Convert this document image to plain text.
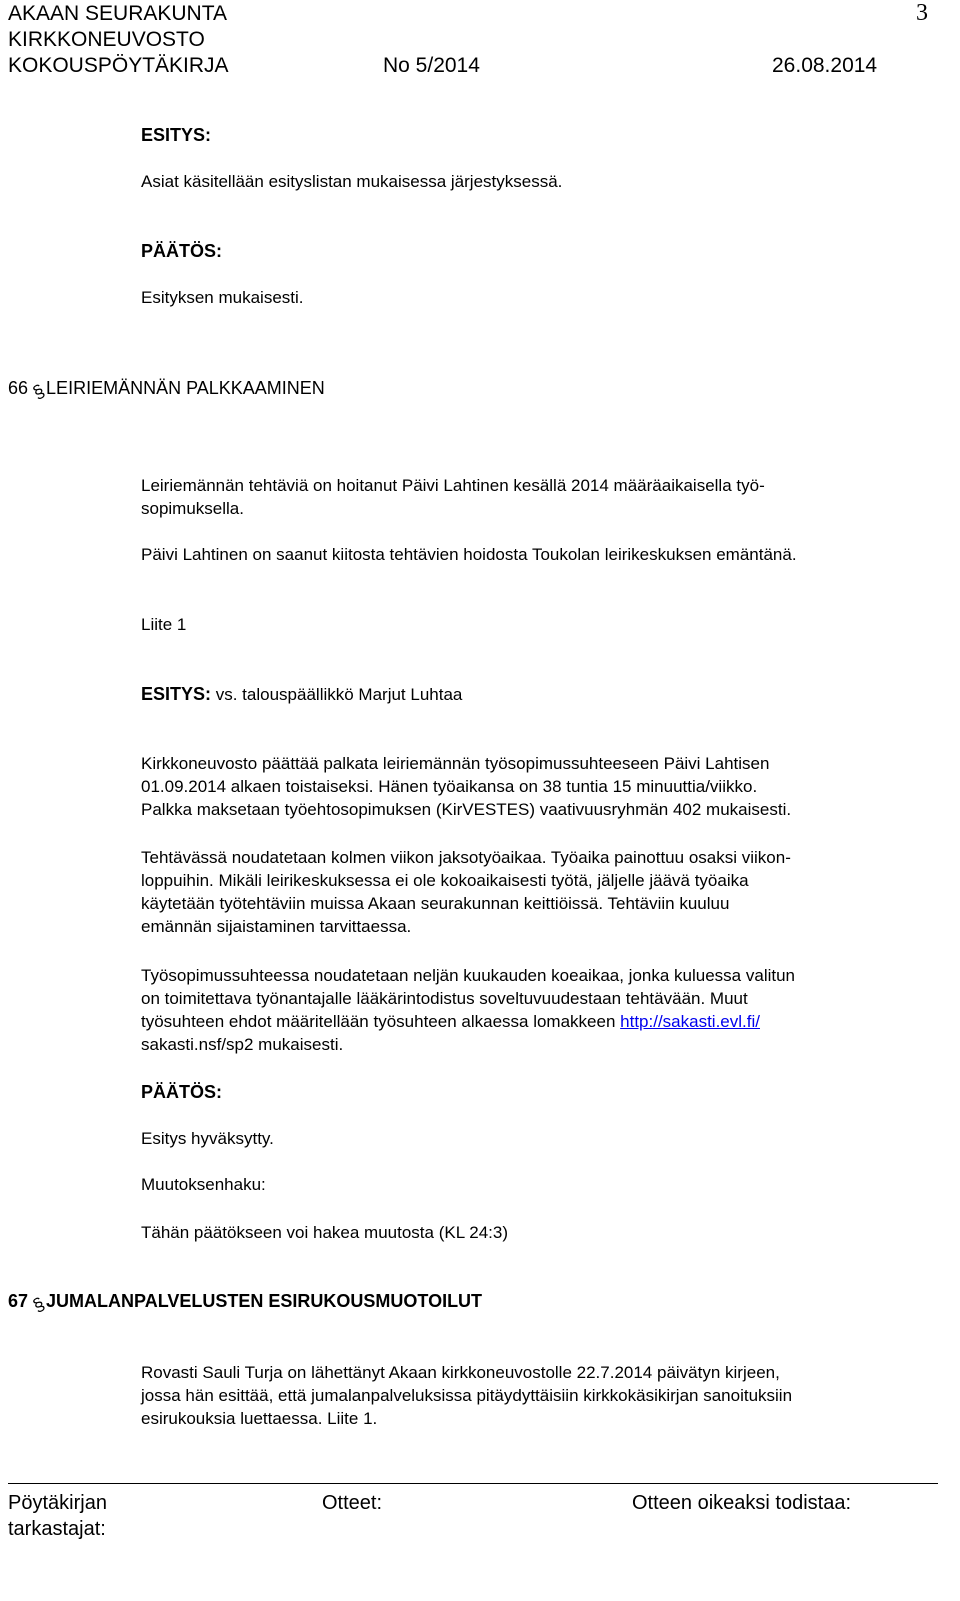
AKAAN SEURAKUNTA
KIRKKONEUVOSTO
KOKOUSPÖYTÄKIRJA	No 5/2014	26.08.2014
3
ESITYS:
Asiat käsitellään esityslistan mukaisessa järjestyksessä.
PÄÄTÖS:
Esityksen mukaisesti.
66§LEIRIEMÄNNÄN PALKKAAMINEN
Leiriemännän tehtäviä on hoitanut Päivi Lahtinen kesällä 2014 määräaikaisella työ-
sopimuksella.
Päivi Lahtinen on saanut kiitosta tehtävien hoidosta Toukolan leirikeskuksen emäntänä.
Liite 1
ESITYS: vs. talouspäällikkö Marjut Luhtaa
Kirkkoneuvosto päättää palkata leiriemännän työsopimussuhteeseen Päivi Lahtisen
01.09.2014 alkaen toistaiseksi. Hänen työaikansa on 38 tuntia 15 minuuttia/viikko.
Palkka maksetaan työehtosopimuksen (KirVESTES) vaativuusryhmän 402 mukaisesti.
Tehtävässä noudatetaan kolmen viikon jaksotyöaikaa. Työaika painottuu osaksi viikon-
loppuihin. Mikäli leirikeskuksessa ei ole kokoaikaisesti työtä, jäljelle jäävä työaika
käytetään työtehtäviin muissa Akaan seurakunnan keittiöissä. Tehtäviin kuuluu
emännän sijaistaminen tarvittaessa.
Työsopimussuhteessa noudatetaan neljän kuukauden koeaikaa, jonka kuluessa valitun
on toimitettava työnantajalle lääkärintodistus soveltuvuudestaan tehtävään. Muut
työsuhteen ehdot määritellään työsuhteen alkaessa lomakkeen http://sakasti.evl.fi/
sakasti.nsf/sp2 mukaisesti.
PÄÄTÖS:
Esitys hyväksytty.
Muutoksenhaku:
Tähän päätökseen voi hakea muutosta (KL 24:3)
67§JUMALANPALVELUSTEN ESIRUKOUSMUOTOILUT
Rovasti Sauli Turja on lähettänyt Akaan kirkkoneuvostolle 22.7.2014 päivätyn kirjeen,
jossa hän esittää, että jumalanpalveluksissa pitäydyttäisiin kirkkokäsikirjan sanoituksiin
esirukouksia luettaessa. Liite 1.
Pöytäkirjan
tarkastajat:
Otteet:	Otteen oikeaksi todistaa:
